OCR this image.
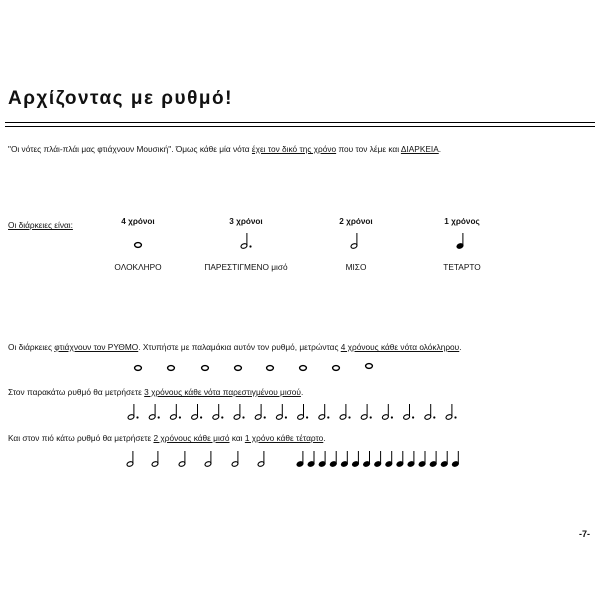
Αρχίζοντας με ρυθμό!
"Οι νότες πλάι-πλάι μας φτιάχνουν Μουσική". Όμως κάθε μία νότα έχει τον δικό της χρόνο που τον λέμε και ΔΙΑΡΚΕΙΑ.
Οι διάρκειες είναι:	4 χρόνοι	3 χρόνοι	2 χρόνοι	1 χρόνος
ΟΛΟΚΛΗΡΟ	ΠΑΡΕΣΤΙΓΜΕΝΟ μισό	ΜΙΣΟ	ΤΕΤΑΡΤΟ
Οι διάρκειες φτιάχνουν τον ΡΥΘΜΟ. Χτυπήστε με παλαμάκια αυτόν τον ρυθμό, μετρώντας 4 χρόνους κάθε νότα ολόκληρου.
Στον παρακάτω ρυθμό θα μετρήσετε 3 χρόνους κάθε νότα παρεστιγμένου μισού.
Και στον πιό κάτω ρυθμό θα μετρήσετε 2 χρόνους κάθε μισό και 1 χρόνο κάθε τέταρτο.
-7-
